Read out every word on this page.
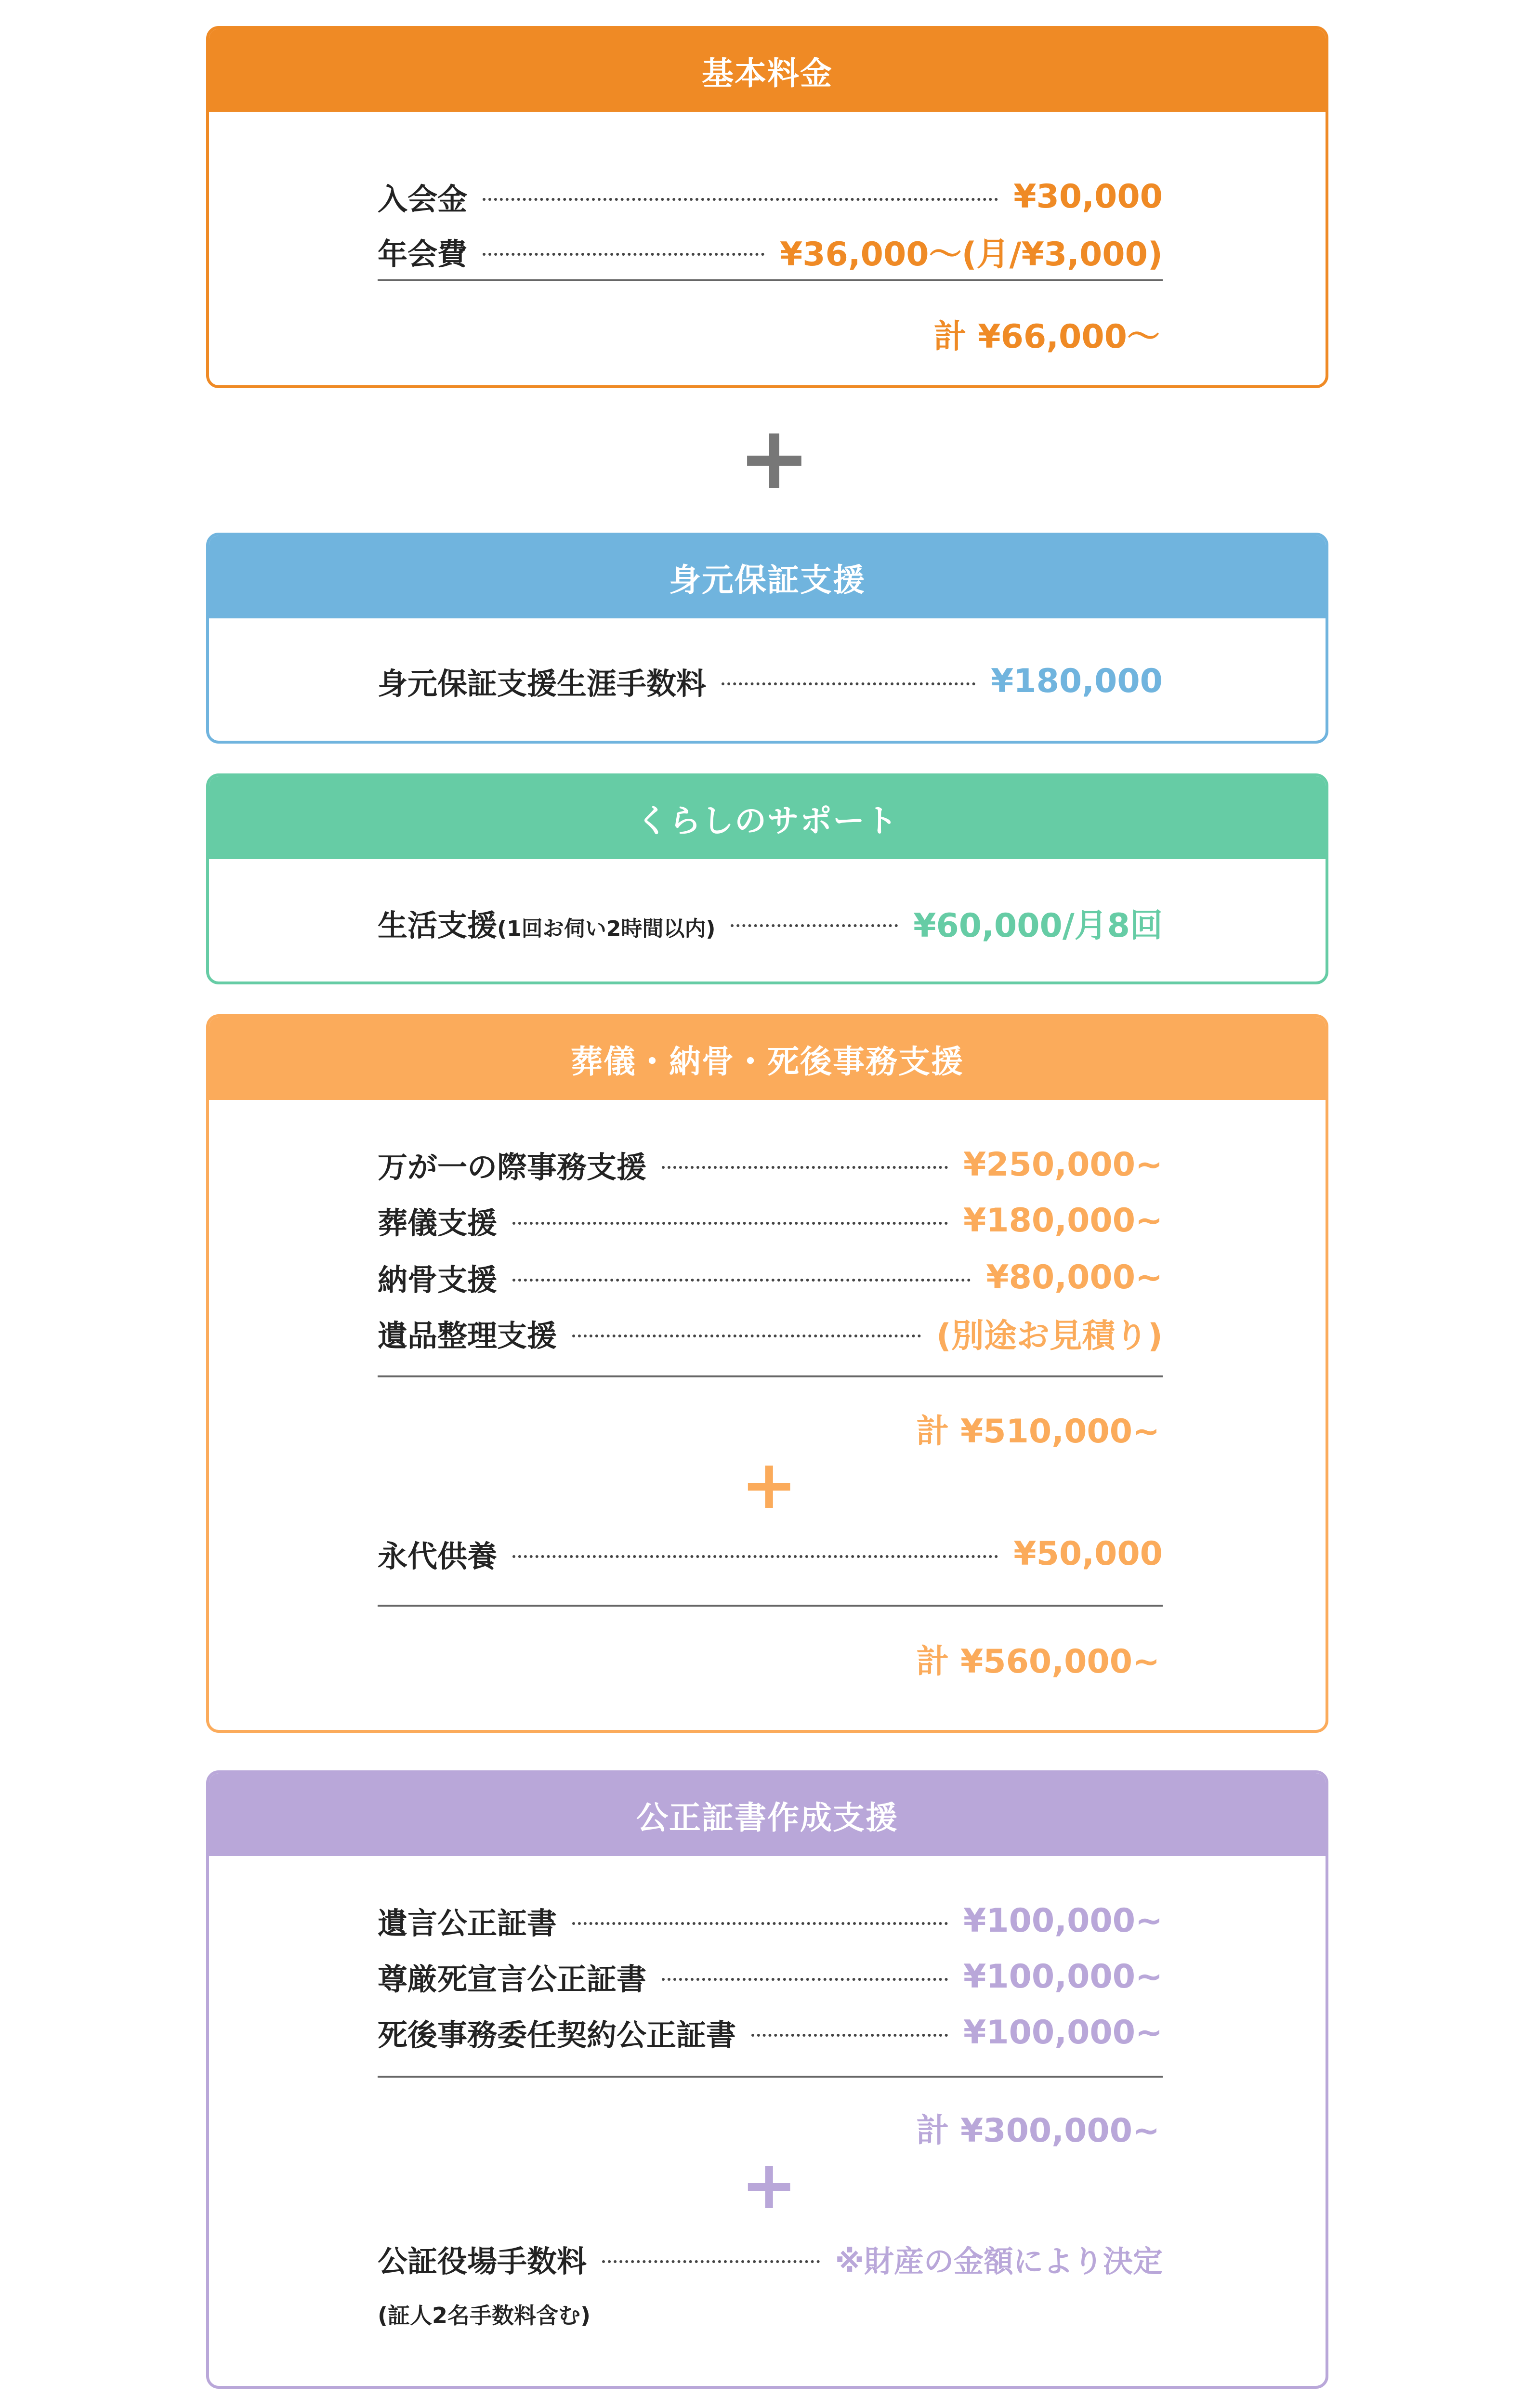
基本料金
入会金	¥30,000
年会費	¥36,000〜(月/¥3,000)
計 ¥66,000〜
+
身元保証支援
身元保証支援生涯手数料	¥180,000
くらしのサポート
生活支援(1回お伺い2時間以内)	¥60,000/月8回
葬儀・納骨・死後事務支援
万が一の際事務支援	¥250,000~
葬儀支援	¥180,000~
納骨支援	¥80,000~
遺品整理支援	(別途お見積り)
計 ¥510,000~
+
永代供養	¥50,000
計 ¥560,000~
公正証書作成支援
遺言公正証書	¥100,000~
尊厳死宣言公正証書	¥100,000~
死後事務委任契約公正証書	¥100,000~
計 ¥300,000~
+
公証役場手数料	※財産の金額により決定
(証人2名手数料含む)
